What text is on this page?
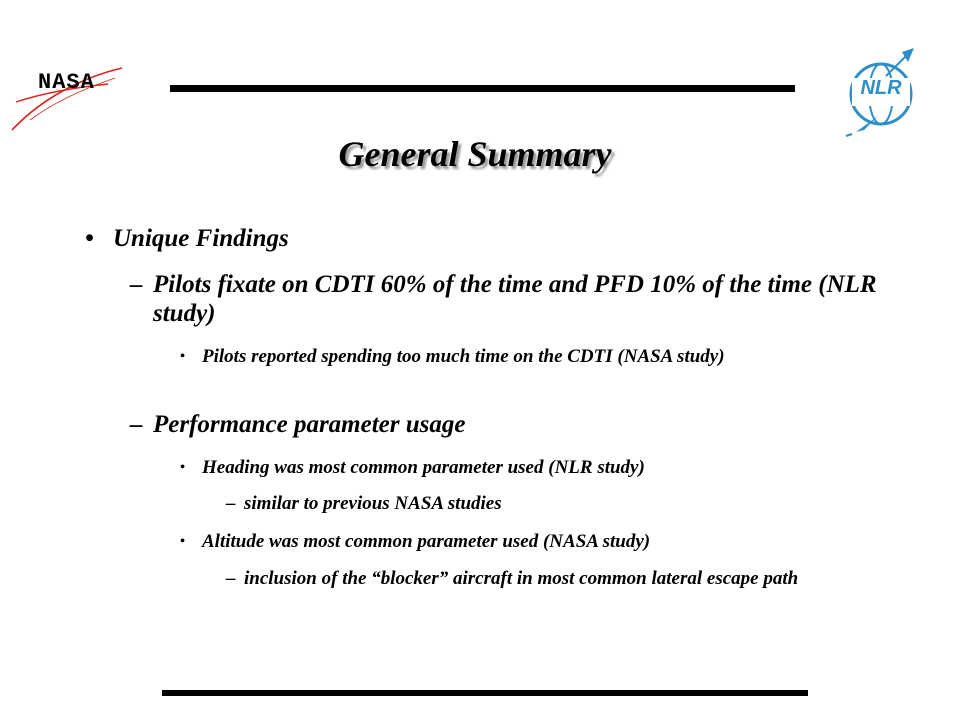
NASA	NLR
General Summary
• Unique Findings
– Pilots fixate on CDTI 60% of the time and PFD 10% of the time (NLR study)
• Pilots reported spending too much time on the CDTI (NASA study)
– Performance parameter usage
• Heading was most common parameter used (NLR study)
– similar to previous NASA studies
• Altitude was most common parameter used (NASA study)
– inclusion of the “blocker” aircraft in most common lateral escape path
